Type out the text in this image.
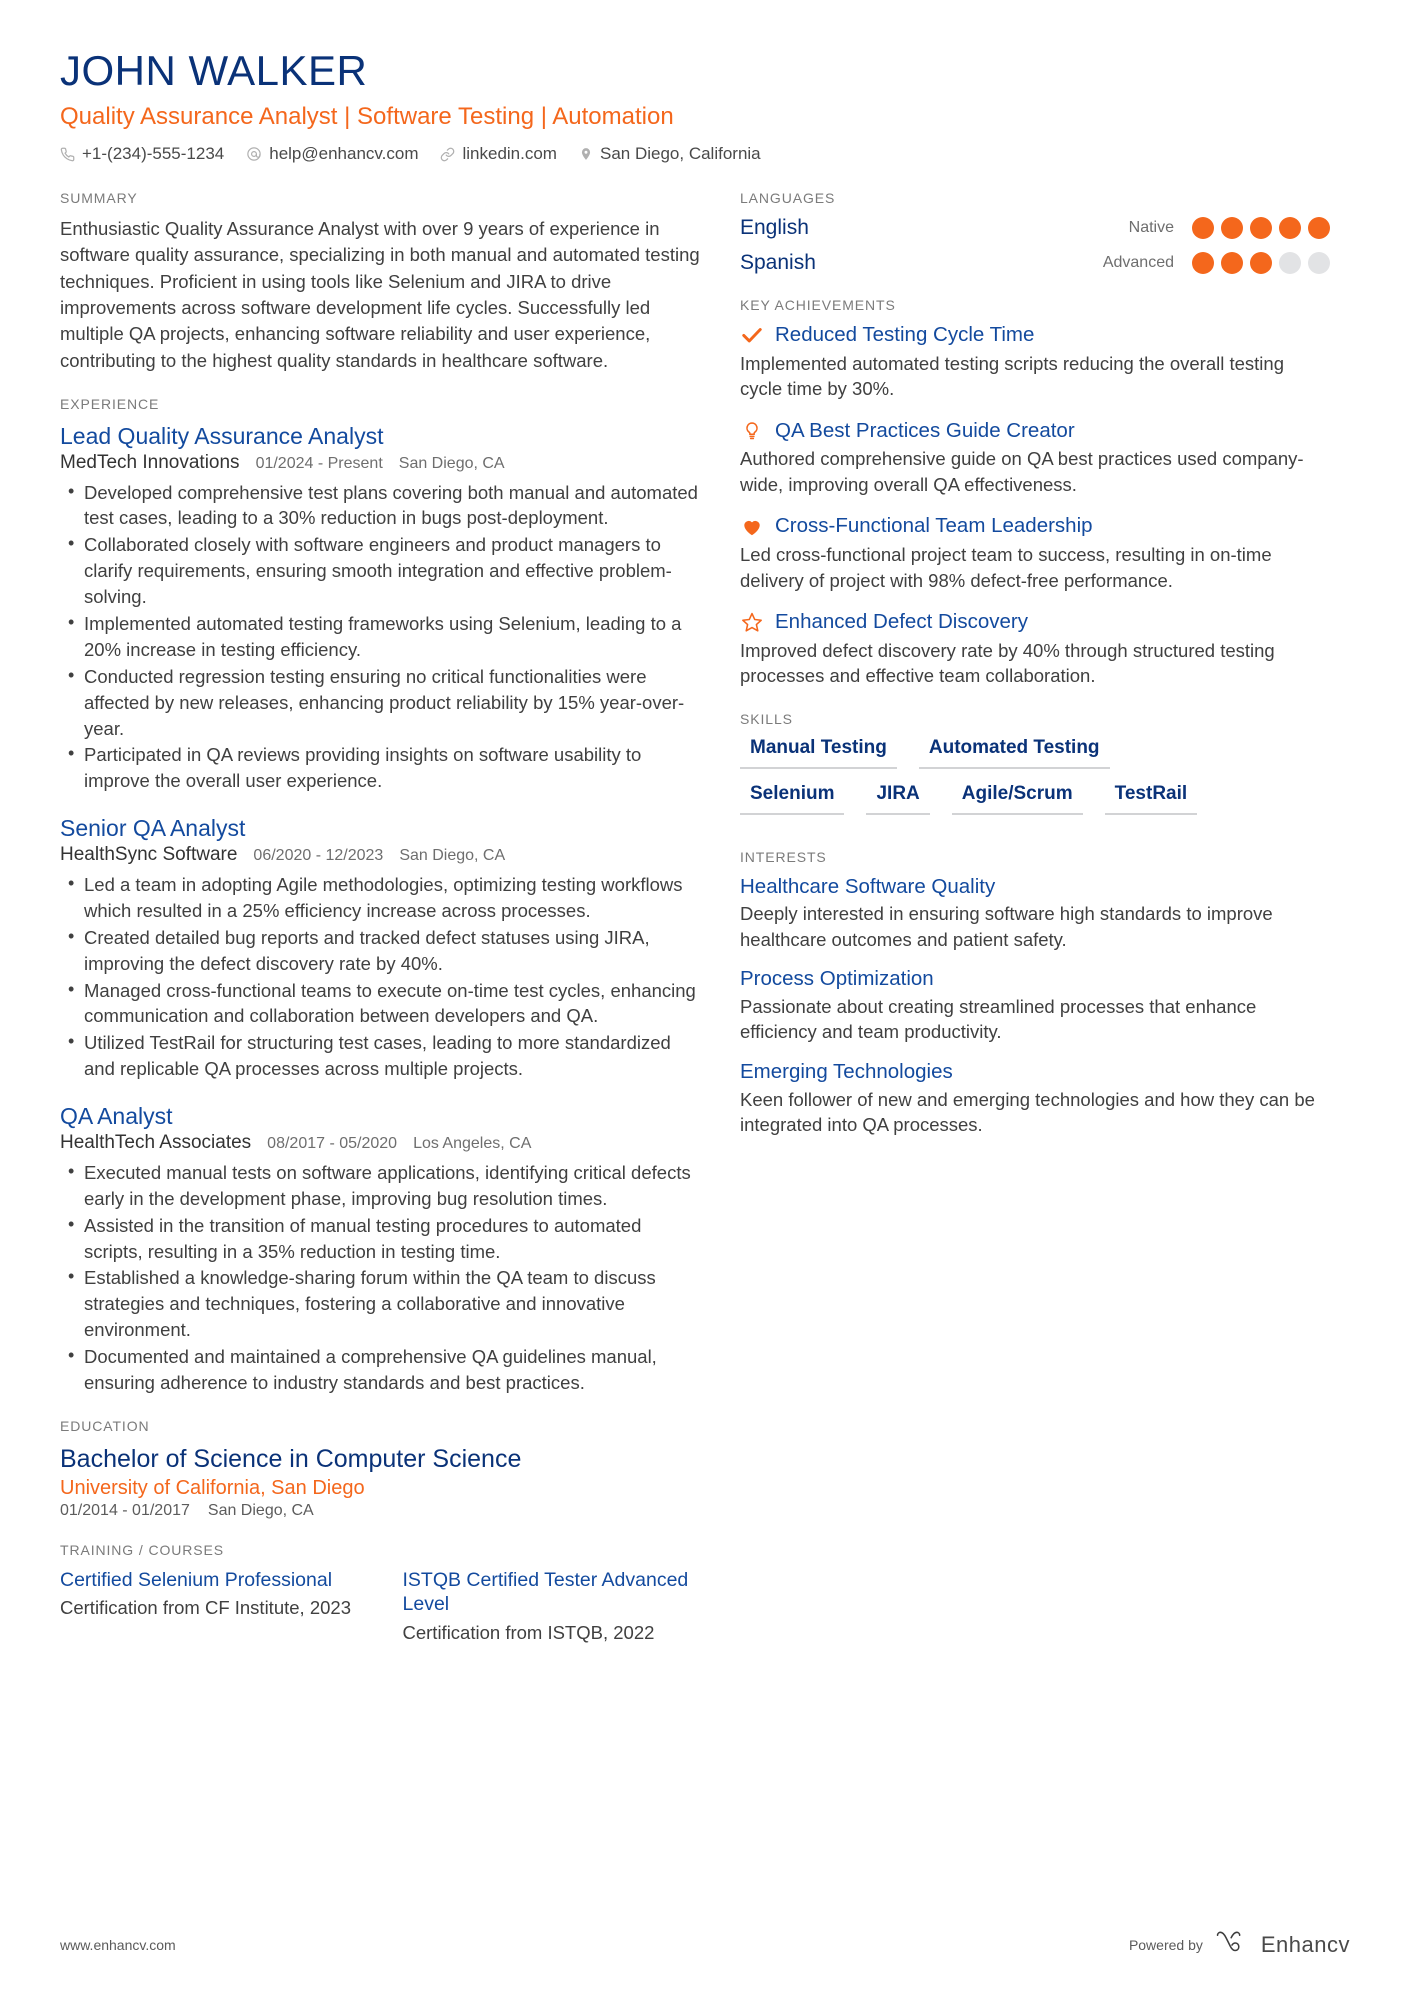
JOHN WALKER
Quality Assurance Analyst | Software Testing | Automation
+1-(234)-555-1234	help@enhancv.com	linkedin.com	San Diego, California
SUMMARY
Enthusiastic Quality Assurance Analyst with over 9 years of experience in software quality assurance, specializing in both manual and automated testing techniques. Proficient in using tools like Selenium and JIRA to drive improvements across software development life cycles. Successfully led multiple QA projects, enhancing software reliability and user experience, contributing to the highest quality standards in healthcare software.
EXPERIENCE
Lead Quality Assurance Analyst
MedTech Innovations 01/2024 - Present San Diego, CA
• Developed comprehensive test plans covering both manual and automated test cases, leading to a 30% reduction in bugs post-deployment.
• Collaborated closely with software engineers and product managers to clarify requirements, ensuring smooth integration and effective problem-solving.
• Implemented automated testing frameworks using Selenium, leading to a 20% increase in testing efficiency.
• Conducted regression testing ensuring no critical functionalities were affected by new releases, enhancing product reliability by 15% year-over-year.
• Participated in QA reviews providing insights on software usability to improve the overall user experience.
Senior QA Analyst
HealthSync Software 06/2020 - 12/2023 San Diego, CA
• Led a team in adopting Agile methodologies, optimizing testing workflows which resulted in a 25% efficiency increase across processes.
• Created detailed bug reports and tracked defect statuses using JIRA, improving the defect discovery rate by 40%.
• Managed cross-functional teams to execute on-time test cycles, enhancing communication and collaboration between developers and QA.
• Utilized TestRail for structuring test cases, leading to more standardized and replicable QA processes across multiple projects.
QA Analyst
HealthTech Associates 08/2017 - 05/2020 Los Angeles, CA
• Executed manual tests on software applications, identifying critical defects early in the development phase, improving bug resolution times.
• Assisted in the transition of manual testing procedures to automated scripts, resulting in a 35% reduction in testing time.
• Established a knowledge-sharing forum within the QA team to discuss strategies and techniques, fostering a collaborative and innovative environment.
• Documented and maintained a comprehensive QA guidelines manual, ensuring adherence to industry standards and best practices.
EDUCATION
Bachelor of Science in Computer Science
University of California, San Diego
01/2014 - 01/2017 San Diego, CA
TRAINING / COURSES
Certified Selenium Professional
Certification from CF Institute, 2023
ISTQB Certified Tester Advanced Level
Certification from ISTQB, 2022
LANGUAGES
English	Native
Spanish	Advanced
KEY ACHIEVEMENTS
Reduced Testing Cycle Time
Implemented automated testing scripts reducing the overall testing cycle time by 30%.
QA Best Practices Guide Creator
Authored comprehensive guide on QA best practices used company-wide, improving overall QA effectiveness.
Cross-Functional Team Leadership
Led cross-functional project team to success, resulting in on-time delivery of project with 98% defect-free performance.
Enhanced Defect Discovery
Improved defect discovery rate by 40% through structured testing processes and effective team collaboration.
SKILLS
Manual Testing	Automated Testing
Selenium	JIRA	Agile/Scrum	TestRail
INTERESTS
Healthcare Software Quality
Deeply interested in ensuring software high standards to improve healthcare outcomes and patient safety.
Process Optimization
Passionate about creating streamlined processes that enhance efficiency and team productivity.
Emerging Technologies
Keen follower of new and emerging technologies and how they can be integrated into QA processes.
www.enhancv.com	Powered by	Enhancv
